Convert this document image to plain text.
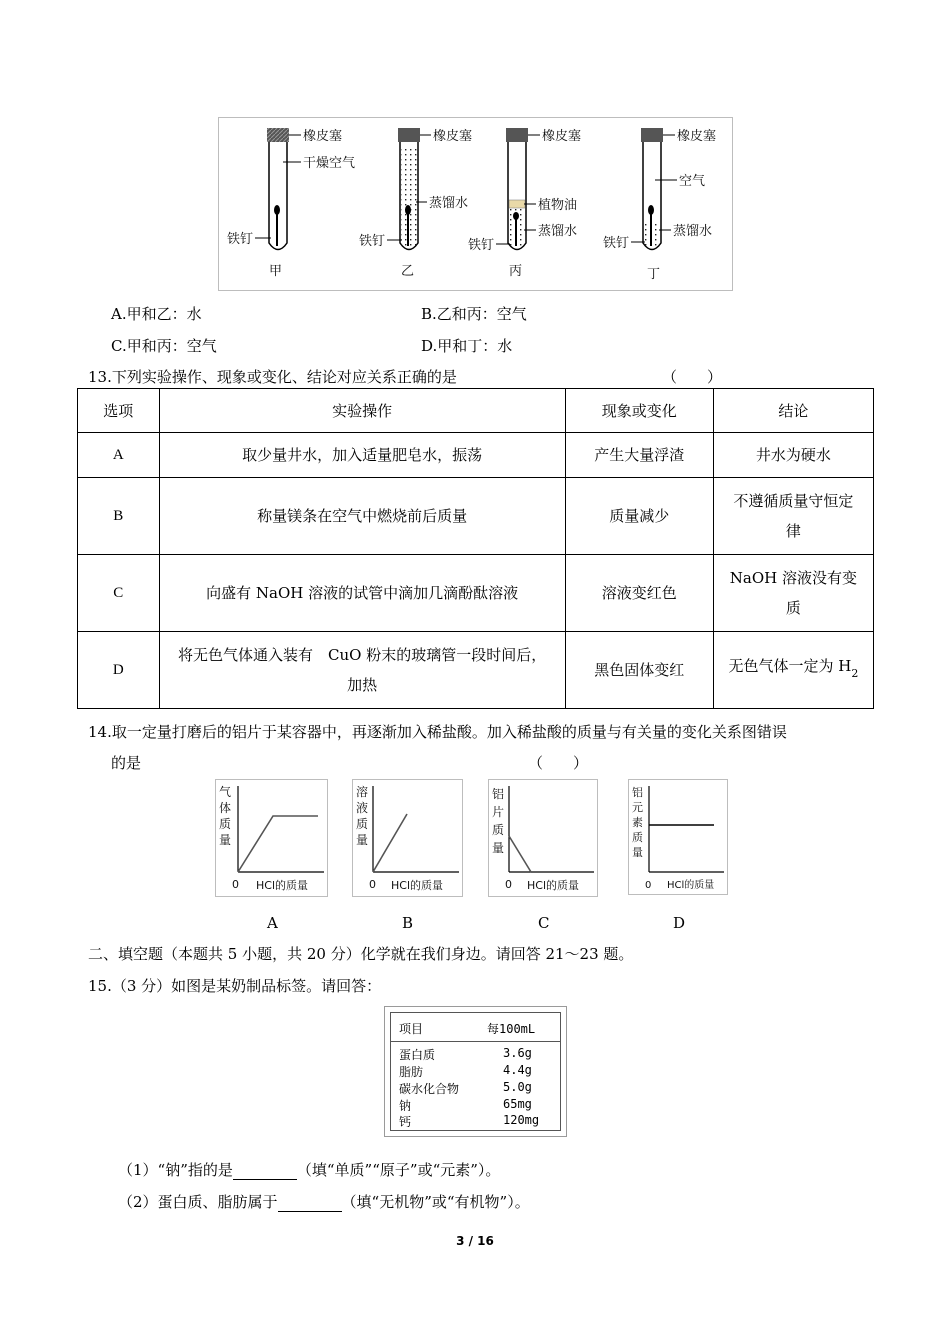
橡皮塞
干燥空气
铁钉
甲
橡皮塞
蒸馏水
铁钉
乙
橡皮塞
植物油
蒸馏水
铁钉
丙
橡皮塞
空气
蒸馏水
铁钉
丁
A.甲和乙：水	B.乙和丙：空气
C.甲和丙：空气	D.甲和丁：水
13.下列实验操作、现象或变化、结论对应关系正确的是	（　　）
选项	实验操作	现象或变化	结论
A	取少量井水，加入适量肥皂水，振荡	产生大量浮渣	井水为硬水
B	称量镁条在空气中燃烧前后质量	质量减少	不遵循质量守恒定
律

C	向盛有 NaOH 溶液的试管中滴加几滴酚酞溶液	溶液变红色	NaOH 溶液没有变
质

D	将无色气体通入装有　CuO 粉末的玻璃管一段时间后，
加热	黑色固体变红	无色气体一定为 $H_2$
14.取一定量打磨后的铝片于某容器中，再逐渐加入稀盐酸。加入稀盐酸的质量与有关量的变化关系图错误
的是	（　　）
气
体
质
量
0 HCl的质量
A
溶
液
质
量
0 HCl的质量
B
铝
片
质
量
0 HCl的质量
C
铝
元
素
质
量
0 HCl的质量
D
二、填空题（本题共 5 小题，共 20 分）化学就在我们身边。请回答 21～23 题。
15.（3 分）如图是某奶制品标签。请回答：
项目	每100mL
蛋白质	3.6g
脂肪	4.4g
碳水化合物	5.0g
钠	65mg
钙	120mg
（1）“钠”指的是	（填“单质”“原子”或“元素”）。
（2）蛋白质、脂肪属于	（填“无机物”或“有机物”）。
3 / 16
